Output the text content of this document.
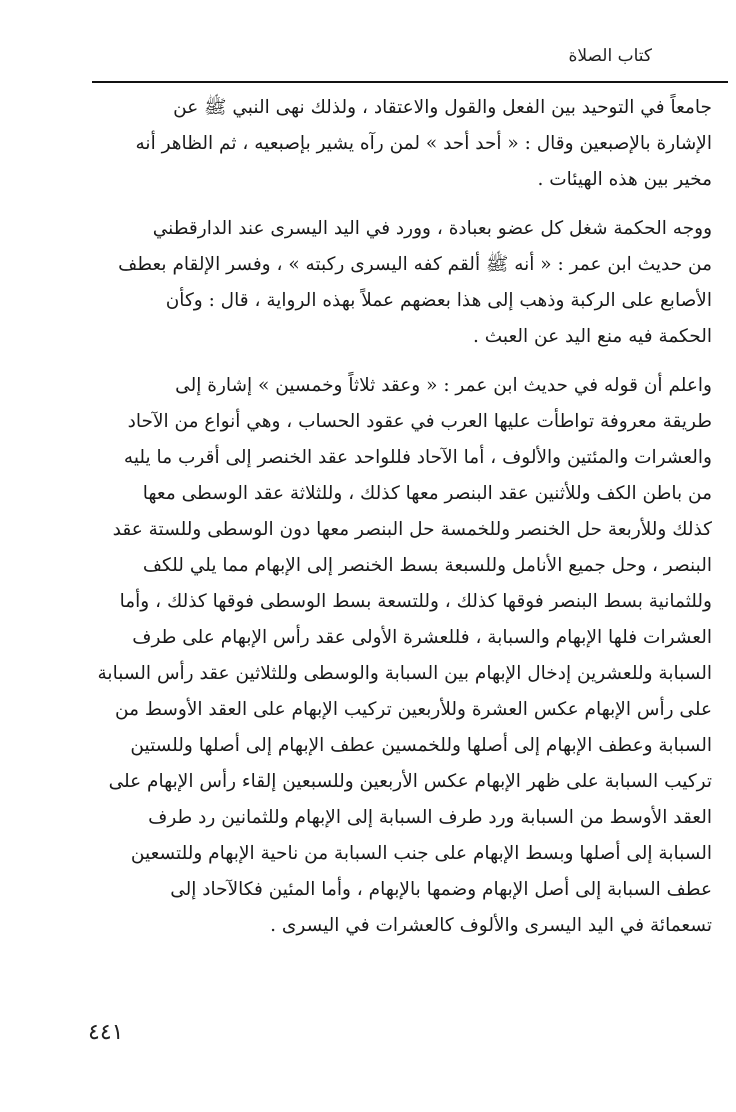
كتاب الصلاة
جامعاً في التوحيد بين الفعل والقول والاعتقاد ، ولذلك نهى النبي ﷺ عن
الإشارة بالإصبعين وقال : « أحد أحد » لمن رآه يشير بإصبعيه ، ثم الظاهر أنه
مخير بين هذه الهيئات .
ووجه الحكمة شغل كل عضو بعبادة ، وورد في اليد اليسرى عند الدارقطني
من حديث ابن عمر : « أنه ﷺ ألقم كفه اليسرى ركبته » ، وفسر الإلقام بعطف
الأصابع على الركبة وذهب إلى هذا بعضهم عملاً بهذه الرواية ، قال : وكأن
الحكمة فيه منع اليد عن العبث .
واعلم أن قوله في حديث ابن عمر : « وعقد ثلاثاً وخمسين » إشارة إلى
طريقة معروفة تواطأت عليها العرب في عقود الحساب ، وهي أنواع من الآحاد
والعشرات والمئتين والألوف ، أما الآحاد فللواحد عقد الخنصر إلى أقرب ما يليه
من باطن الكف وللأثنين عقد البنصر معها كذلك ، وللثلاثة عقد الوسطى معها
كذلك وللأربعة حل الخنصر وللخمسة حل البنصر معها دون الوسطى وللستة عقد
البنصر ، وحل جميع الأنامل وللسبعة بسط الخنصر إلى الإبهام مما يلي للكف
وللثمانية بسط البنصر فوقها كذلك ، وللتسعة بسط الوسطى فوقها كذلك ، وأما
العشرات فلها الإبهام والسبابة ، فللعشرة الأولى عقد رأس الإبهام على طرف
السبابة وللعشرين إدخال الإبهام بين السبابة والوسطى وللثلاثين عقد رأس السبابة
على رأس الإبهام عكس العشرة وللأربعين تركيب الإبهام على العقد الأوسط من
السبابة وعطف الإبهام إلى أصلها وللخمسين عطف الإبهام إلى أصلها وللستين
تركيب السبابة على ظهر الإبهام عكس الأربعين وللسبعين إلقاء رأس الإبهام على
العقد الأوسط من السبابة ورد طرف السبابة إلى الإبهام وللثمانين رد طرف
السبابة إلى أصلها وبسط الإبهام على جنب السبابة من ناحية الإبهام وللتسعين
عطف السبابة إلى أصل الإبهام وضمها بالإبهام ، وأما المئين فكالآحاد إلى
تسعمائة في اليد اليسرى والألوف كالعشرات في اليسرى .
٤٤١
